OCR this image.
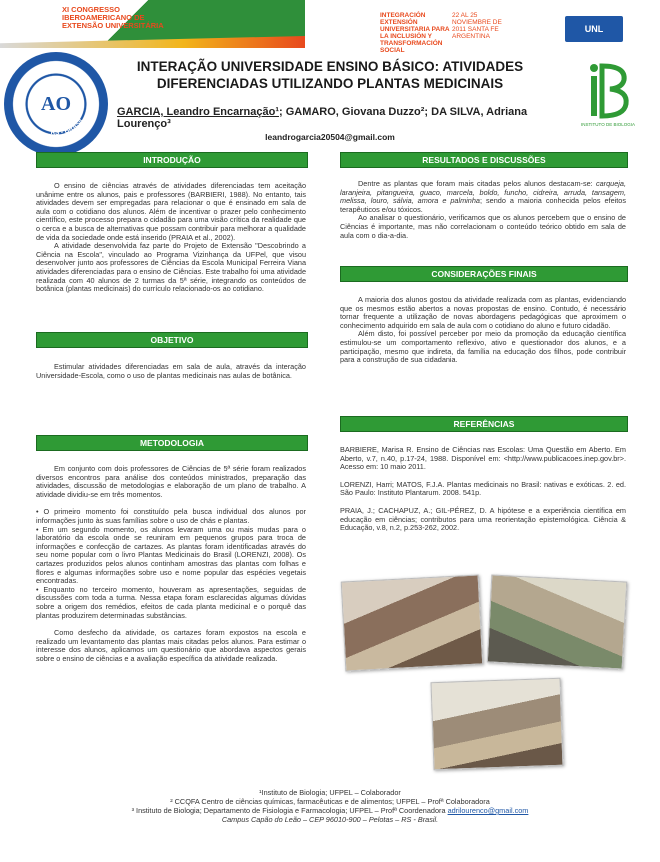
XI CONGRESSO IBEROAMERICANO DE EXTENSÃO UNIVERSITÁRIA
INTEGRACIÓN EXTENSIÓN UNIVERSITARIA PARA LA INCLUSIÓN Y TRANSFORMACIÓN SOCIAL
22 AL 25 NOVIEMBRE DE 2011 SANTA FE ARGENTINA
UNL
UNIVERSIDADE FEDERAL DE PELOT
RS - BRASIL
AO
INSTITUTO DE BIOLOGIA
INTERAÇÃO UNIVERSIDADE ENSINO BÁSICO: ATIVIDADES DIFERENCIADAS UTILIZANDO PLANTAS MEDICINAIS
GARCIA, Leandro Encarnação¹; GAMARO, Giovana Duzzo²; DA SILVA, Adriana Lourenço³
leandrogarcia20504@gmail.com
INTRODUÇÃO

O ensino de ciências através de atividades diferenciadas tem aceitação unânime entre os alunos, pais e professores (BARBIERI, 1988). No entanto, tais atividades devem ser empregadas para relacionar o que é ensinado em sala de aula com o cotidiano dos alunos. Além de incentivar o prazer pelo conhecimento científico, este processo prepara o cidadão para uma visão crítica da realidade que o cerca e a busca de alternativas que possam contribuir para melhorar a qualidade de vida da sociedade onde está inserido (PRAIA et al., 2002).

A atividade desenvolvida faz parte do Projeto de Extensão "Descobrindo a Ciência na Escola", vinculado ao Programa Vizinhança da UFPel, que visou desenvolver junto aos professores de Ciências da Escola Municipal Ferreira Viana atividades diferenciadas para o ensino de Ciências. Este trabalho foi uma atividade realizada com 40 alunos de 2 turmas da 5ª série, integrando os conteúdos de botânica (plantas medicinais) do currículo relacionado-os ao cotidiano.

OBJETIVO

Estimular atividades diferenciadas em sala de aula, através da interação Universidade-Escola, como o uso de plantas medicinais nas aulas de botânica.

METODOLOGIA

Em conjunto com dois professores de Ciências de 5ª série foram realizados diversos encontros para análise dos conteúdos ministrados, preparação das atividades, discussão de metodologias e elaboração de um plano de trabalho. A atividade dividiu-se em três momentos.

• O primeiro momento foi constituído pela busca individual dos alunos por informações junto às suas famílias sobre o uso de chás e plantas.

• Em um segundo momento, os alunos levaram uma ou mais mudas para o laboratório da escola onde se reuniram em pequenos grupos para troca de informações e confecção de cartazes. As plantas foram identificadas através do seu nome popular com o livro Plantas Medicinais do Brasil (LORENZI, 2008). Os cartazes produzidos pelos alunos continham amostras das plantas com folhas e flores e algumas informações sobre uso e nome popular das espécies vegetais encontradas.

• Enquanto no terceiro momento, houveram as apresentações, seguidas de discussões com toda a turma. Nessa etapa foram esclarecidas algumas dúvidas sobre a origem dos remédios, efeitos de cada planta medicinal e o porquê das plantas produzirem determinadas substâncias.

Como desfecho da atividade, os cartazes foram expostos na escola e realizado um levantamento das plantas mais citadas pelos alunos. Para estimar o interesse dos alunos, aplicamos um questionário que abordava aspectos gerais sobre o ensino de ciências e a avaliação específica da atividade realizada.

RESULTADOS E DISCUSSÕES

Dentre as plantas que foram mais citadas pelos alunos destacam-se: carqueja, laranjeira, pitangueira, guaco, marcela, boldo, funcho, cidreira, arruda, tansagem, melissa, louro, sálvia, amora e palminha; sendo a maioria conhecida pelos efeitos terapêuticos e/ou tóxicos.

Ao analisar o questionário, verificamos que os alunos percebem que o ensino de Ciências é importante, mas não correlacionam o conteúdo teórico obtido em sala de aula com o dia-a-dia.

CONSIDERAÇÕES FINAIS

A maioria dos alunos gostou da atividade realizada com as plantas, evidenciando que os mesmos estão abertos a novas propostas de ensino. Contudo, é necessário tornar frequente a utilização de novas abordagens pedagógicas que aproximem o conhecimento adquirido em sala de aula com o cotidiano do aluno e futuro cidadão.

Além disto, foi possível perceber por meio da promoção da educação científica estimulou-se um comportamento reflexivo, ativo e questionador dos alunos, e a participação, mesmo que indireta, da família na educação dos filhos, pode contribuir para a construção de sua cidadania.

REFERÊNCIAS

BARBIERE, Marisa R. Ensino de Ciências nas Escolas: Uma Questão em Aberto. Em Aberto, v.7, n.40, p.17-24, 1988. Disponível em: <http://www.publicacoes.inep.gov.br>. Acesso em: 10 maio 2011.

LORENZI, Harri; MATOS, F.J.A. Plantas medicinais no Brasil: nativas e exóticas. 2. ed. São Paulo: Instituto Plantarum. 2008. 541p.

PRAIA, J.; CACHAPUZ, A.; GIL-PÉREZ, D. A hipótese e a experiência científica em educação em ciências; contributos para uma reorientação epistemológica. Ciência & Educação, v.8, n.2, p.253-262, 2002.

¹Instituto de Biologia; UFPEL – Colaborador
² CCQFA Centro de ciências químicas, farmacêuticas e de alimentos; UFPEL – Profª Colaboradora
³ Instituto de Biologia; Departamento de Fisiologia e Farmacologia; UFPEL – Profª Coordenadora adrilourenco@gmail.com
Campus Capão do Leão – CEP 96010-900 – Pelotas – RS - Brasil.
